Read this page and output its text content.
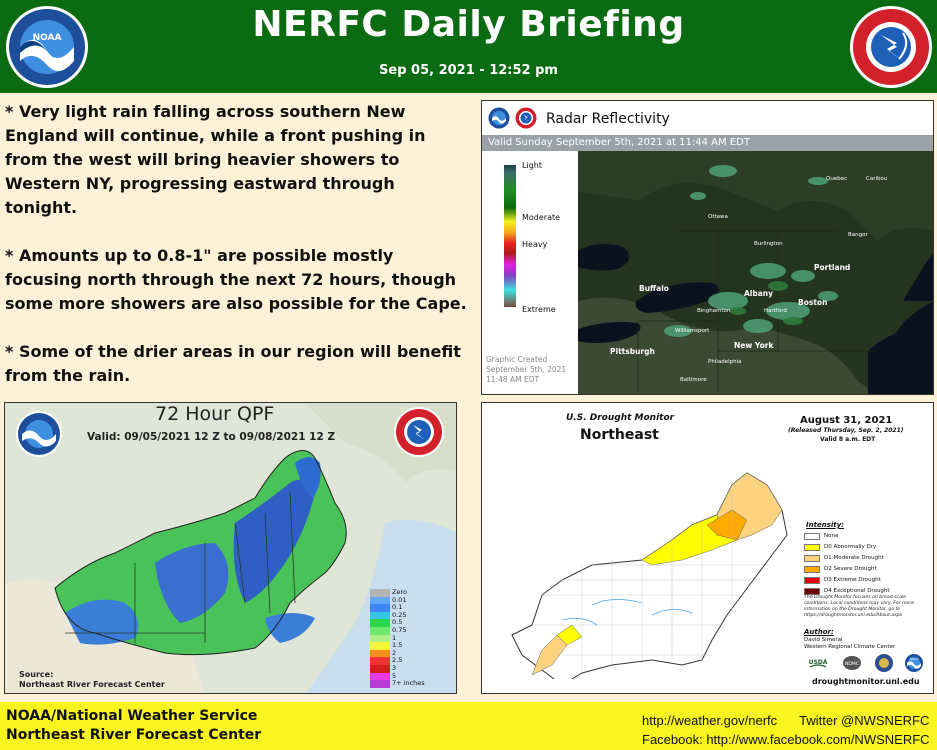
NOAA	NERFC Daily Briefing
Sep 05, 2021 - 12:52 pm
* Very light rain falling across southern New England will continue, while a front pushing in from the west will bring heavier showers to Western NY, progressing eastward through tonight.
* Amounts up to 0.8-1" are possible mostly focusing north through the next 72 hours, though some more showers are also possible for the Cape.
* Some of the drier areas in our region will benefit from the rain.
Radar Reflectivity
Valid Sunday September 5th, 2021 at 11:44 AM EDT
Light
Moderate
Heavy
Extreme
Graphic Created
September 5th, 2021
11:48 AM EDT
Quebec	Caribou
Ottawa
Burlington
Bangor
Portland
Buffalo
Albany
Boston
Binghamton	Hartford
Williamsport
Pittsburgh
New York
Philadelphia
Baltimore
72 Hour QPF
Valid: 09/05/2021 12 Z to 09/08/2021 12 Z
Source:
Northeast River Forecast Center
Zero
0.01
0.1
0.25
0.5
0.75
1
1.5
2
2.5
3
5
7+ inches
U.S. Drought Monitor
Northeast
August 31, 2021
(Released Thursday, Sep. 2, 2021)
Valid 8 a.m. EDT
Intensity:
None
D0 Abnormally Dry
D1 Moderate Drought
D2 Severe Drought
D3 Extreme Drought
D4 Exceptional Drought
The Drought Monitor focuses on broad-scale conditions. Local conditions may vary. For more information on the Drought Monitor, go to https://droughtmonitor.unl.edu/About.aspx
Author:
David Simeral
Western Regional Climate Center
USDA	NDMC
NOAA
droughtmonitor.unl.edu
NOAA/National Weather Service
Northeast River Forecast Center
http://weather.gov/nerfc Twitter @NWSNERFC
Facebook: http://www.facebook.com/NWSNERFC
